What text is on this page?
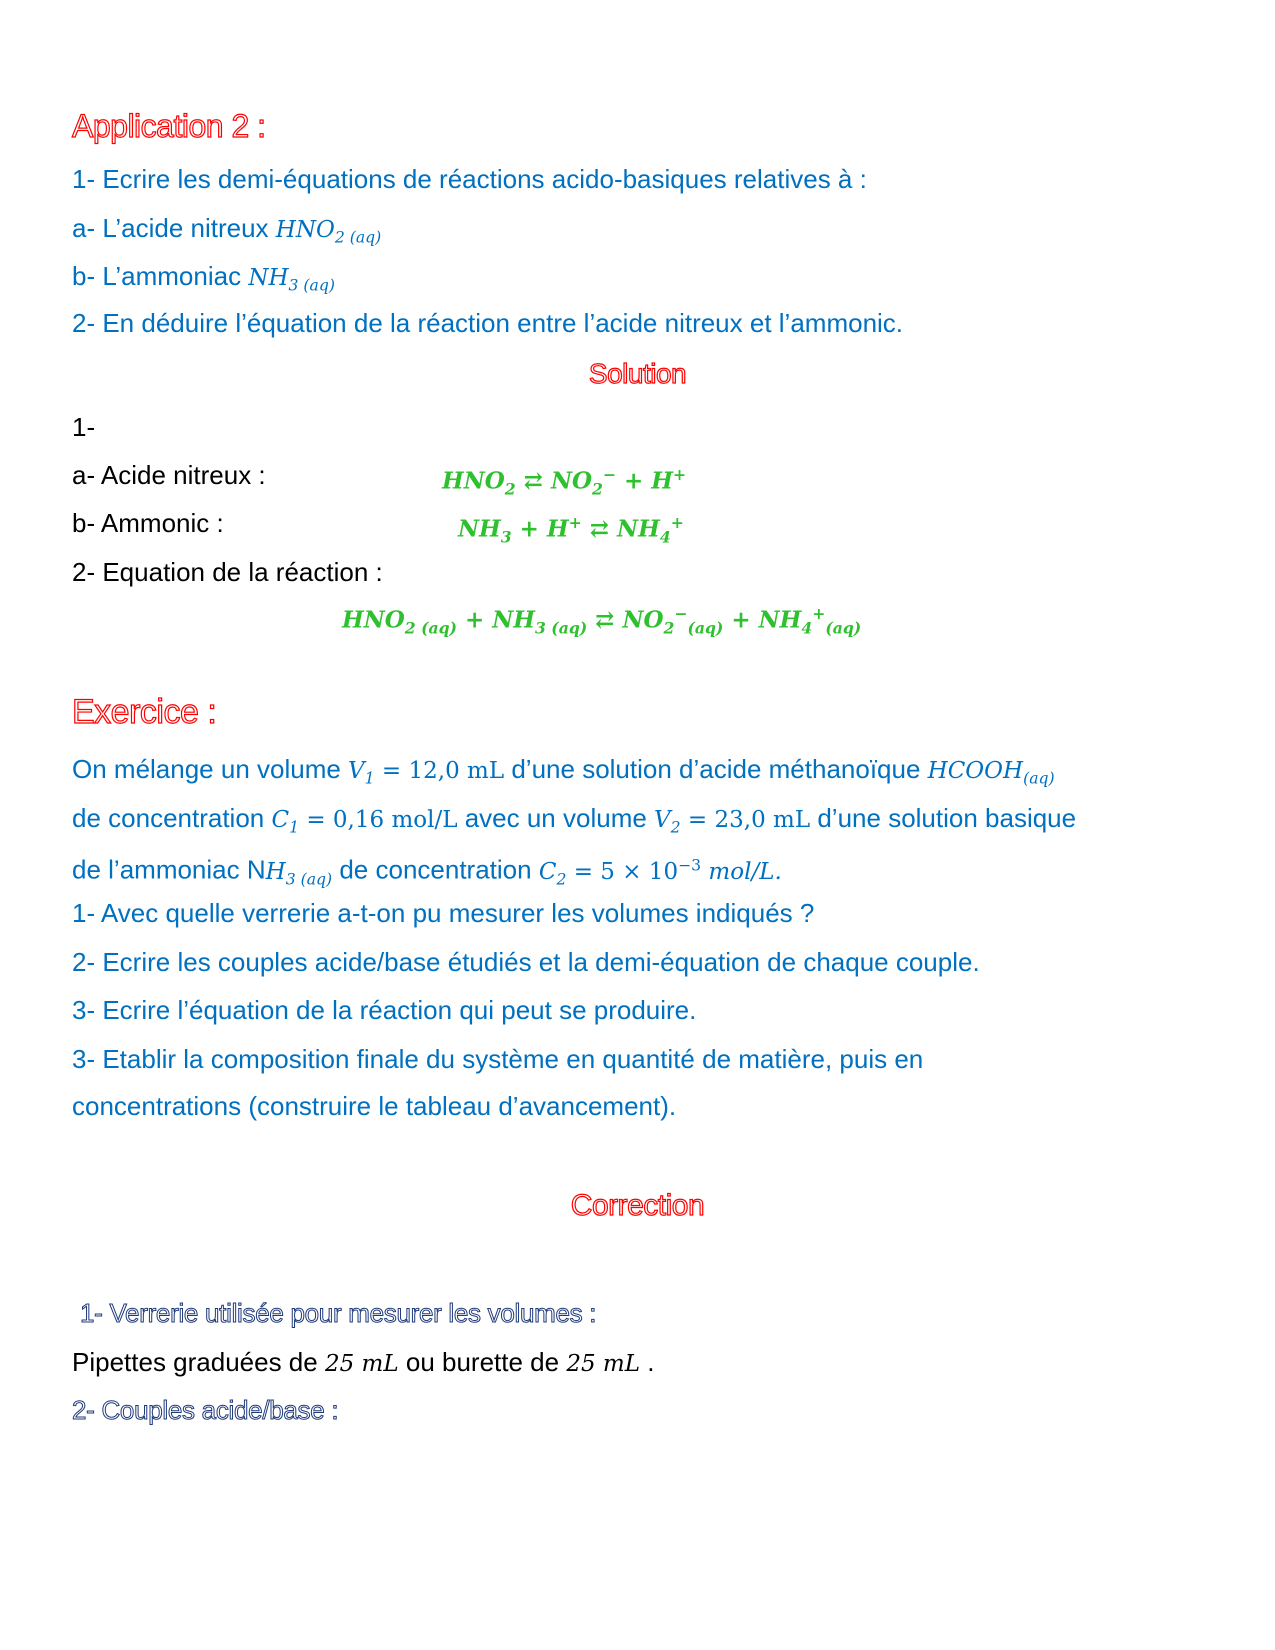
Application 2 :
1- Ecrire les demi-équations de réactions acido-basiques relatives à :
a- L’acide nitreux $HNO_{2 (aq)}$
b- L’ammoniac $NH_{3 (aq)}$
2- En déduire l’équation de la réaction entre l’acide nitreux et l’ammonic.
Solution
1-
a- Acide nitreux :	$HNO_2$ ⇄ $NO_2^- + H^+$
b- Ammonic :	$NH_3 + H^+$ ⇄ $NH_4^+$
2- Equation de la réaction :
$HNO_{2 (aq)} + NH_{3 (aq)}$ ⇄ $NO_2^-_{(aq)} + NH_4^+_{(aq)}$
Exercice :
On mélange un volume $V_1 = 12,0$ mL d’une solution d’acide méthanoïque $HCOOH_{(aq)}$
de concentration $C_1 = 0,16$ mol/L avec un volume $V_2 = 23,0$ mL d’une solution basique
de l’ammoniac $NH_{3 (aq)}$ de concentration $C_2 = 5 \times 10^{-3}$ mol/L.
1- Avec quelle verrerie a-t-on pu mesurer les volumes indiqués ?
2- Ecrire les couples acide/base étudiés et la demi-équation de chaque couple.
3- Ecrire l’équation de la réaction qui peut se produire.
3- Etablir la composition finale du système en quantité de matière, puis en
concentrations (construire le tableau d’avancement).
Correction
1- Verrerie utilisée pour mesurer les volumes :
Pipettes graduées de 25 mL ou burette de 25 mL .
2- Couples acide/base :
